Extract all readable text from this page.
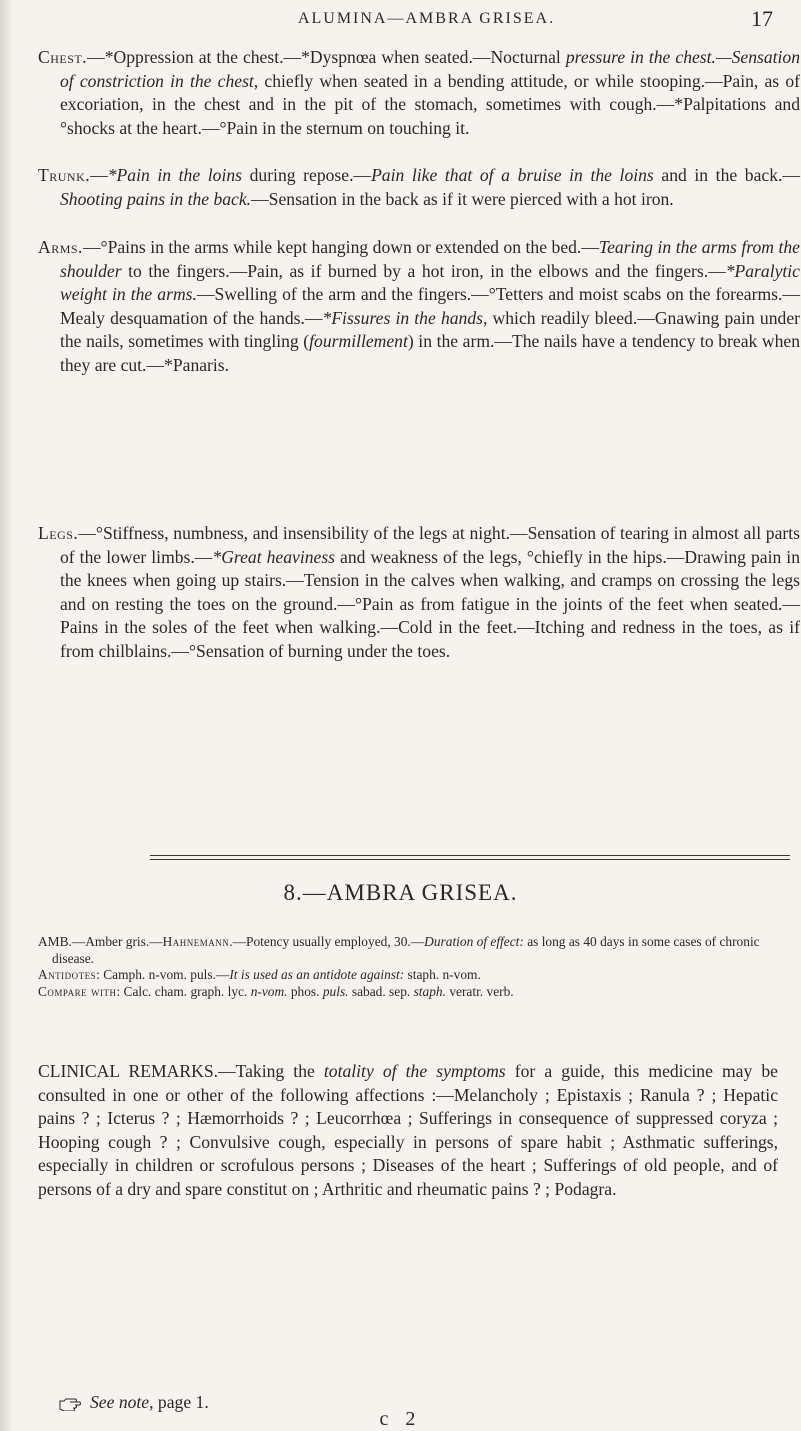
ALUMINA—AMBRA GRISEA.	17

Chest.—*Oppression at the chest.—*Dyspnœa when seated.—Nocturnal pressure in the chest.—Sensation of constriction in the chest, chiefly when seated in a bending attitude, or while stooping.—Pain, as of excoriation, in the chest and in the pit of the stomach, sometimes with cough.—*Palpitations and °shocks at the heart.—°Pain in the sternum on touching it.

Trunk.—*Pain in the loins during repose.—Pain like that of a bruise in the loins and in the back.—Shooting pains in the back.—Sensation in the back as if it were pierced with a hot iron.

Arms.—°Pains in the arms while kept hanging down or extended on the bed.—Tearing in the arms from the shoulder to the fingers.—Pain, as if burned by a hot iron, in the elbows and the fingers.—*Paralytic weight in the arms.—Swelling of the arm and the fingers.—°Tetters and moist scabs on the forearms.—Mealy desquamation of the hands.—*Fissures in the hands, which readily bleed.—Gnawing pain under the nails, sometimes with tingling (fourmillement) in the arm.—The nails have a tendency to break when they are cut.—*Panaris.

Legs.—°Stiffness, numbness, and insensibility of the legs at night.—Sensation of tearing in almost all parts of the lower limbs.—*Great heaviness and weakness of the legs, °chiefly in the hips.—Drawing pain in the knees when going up stairs.—Tension in the calves when walking, and cramps on crossing the legs and on resting the toes on the ground.—°Pain as from fatigue in the joints of the feet when seated.—Pains in the soles of the feet when walking.—Cold in the feet.—Itching and redness in the toes, as if from chilblains.—°Sensation of burning under the toes.

8.—AMBRA GRISEA.
AMB.—Amber gris.—Hahnemann.—Potency usually employed, 30.—Duration of effect: as long as 40 days in some cases of chronic disease.
Antidotes: Camph. n-vom. puls.—It is used as an antidote against: staph. n-vom.
Compare with: Calc. cham. graph. lyc. n-vom. phos. puls. sabad. sep. staph. veratr. verb.

CLINICAL REMARKS.—Taking the totality of the symptoms for a guide, this medicine may be consulted in one or other of the following affections :—Melancholy ; Epistaxis ; Ranula ? ; Hepatic pains ? ; Icterus ? ; Hæmorrhoids ? ; Leucorrhœa ; Sufferings in consequence of suppressed coryza ; Hooping cough ? ; Convulsive cough, especially in persons of spare habit ; Asthmatic sufferings, especially in children or scrofulous persons ; Diseases of the heart ; Sufferings of old people, and of persons of a dry and spare constitut on ; Arthritic and rheumatic pains ? ; Podagra.

See note, page 1.
c 2
